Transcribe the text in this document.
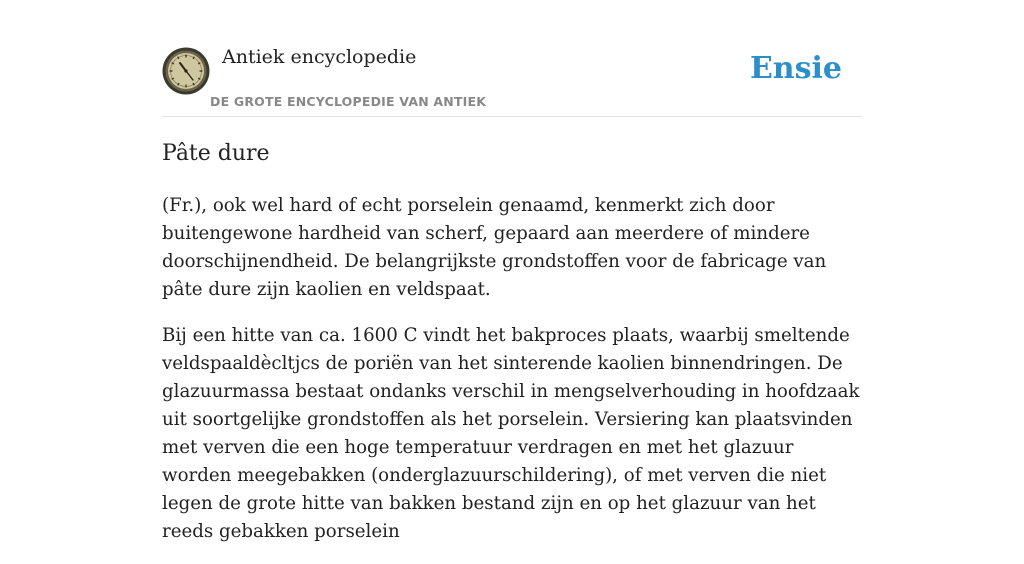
Antiek encyclopedie
DE GROTE ENCYCLOPEDIE VAN ANTIEK
Ensie
Pâte dure

(Fr.), ook wel hard of echt porselein genaamd, kenmerkt zich door buitengewone hardheid van scherf, gepaard aan meerdere of mindere doorschijnendheid. De belangrijkste grondstoffen voor de fabricage van pâte dure zijn kaolien en veldspaat.

Bij een hitte van ca. 1600 C vindt het bakproces plaats, waarbij smeltende veldspaaldècltjcs de poriën van het sinterende kaolien binnendringen. De glazuurmassa bestaat ondanks verschil in mengselverhouding in hoofdzaak uit soortgelijke grondstoffen als het porselein. Versiering kan plaatsvinden met verven die een hoge temperatuur verdragen en met het glazuur worden meegebakken (onderglazuurschildering), of met verven die niet legen de grote hitte van bakken bestand zijn en op het glazuur van het reeds gebakken porselein
